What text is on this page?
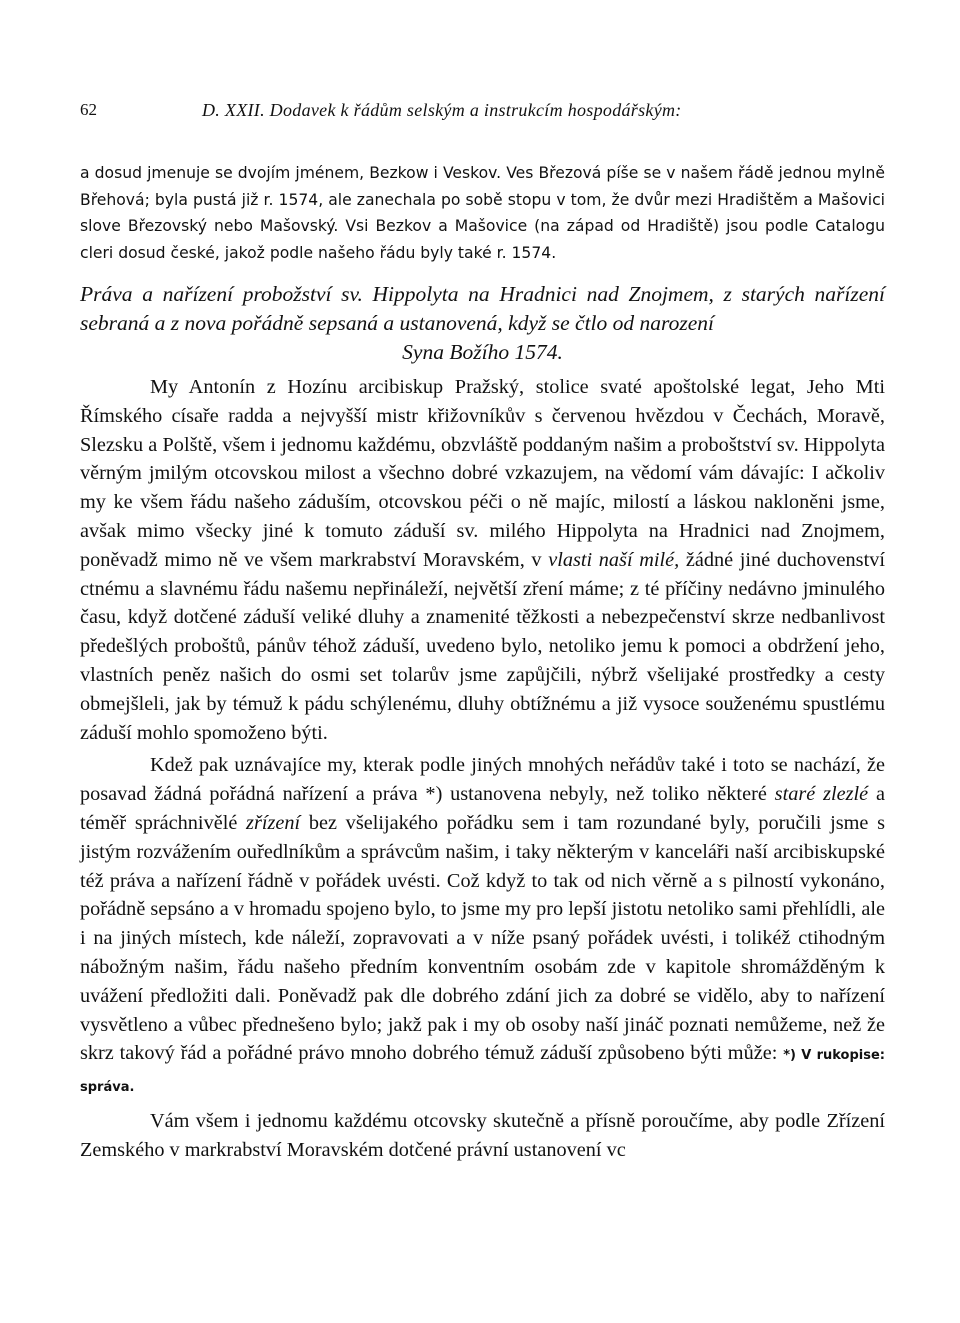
62	D. XXII. Dodavek k řádům selským a instrukcím hospodářským:

a dosud jmenuje se dvojím jménem, Bezkow i Veskov. Ves Březová píše se v našem řádě jednou mylně Břehová; byla pustá již r. 1574, ale zanechala po sobě stopu v tom, že dvůr mezi Hradištěm a Mašovici slove Březovský nebo Mašovský. Vsi Bezkov a Mašovice (na západ od Hradiště) jsou podle Catalogu cleri dosud české, jakož podle našeho řádu byly také r. 1574.

Práva a nařízení probožství sv. Hippolyta na Hradnici nad Znojmem, z starých nařízení sebraná a z nova pořádně sepsaná a ustanovená, když se čtlo od narození
Syna Božího 1574.

My Antonín z Hozínu arcibiskup Pražský, stolice svaté apoštolské legat, Jeho Mti Římského císaře radda a nejvyšší mistr křižovníkův s červenou hvězdou v Čechách, Moravě, Slezsku a Polště, všem i jednomu každému, obzvláště poddaným našim a proboštství sv. Hippolyta věrným jmilým otcovskou milost a všechno dobré vzkazujem, na vědomí vám dávajíc: I ačkoliv my ke všem řádu našeho záduším, otcovskou péči o ně majíc, milostí a láskou nakloněni jsme, avšak mimo všecky jiné k tomuto záduší sv. milého Hippolyta na Hradnici nad Znojmem, poněvadž mimo ně ve všem markrabství Moravském, v vlasti naší milé, žádné jiné duchovenství ctnému a slavnému řádu našemu nepřináleží, největší zření máme; z té příčiny nedávno jminulého času, když dotčené záduší veliké dluhy a znamenité těžkosti a nebezpečenství skrze nedbanlivost předešlých proboštů, pánův téhož záduší, uvedeno bylo, netoliko jemu k pomoci a obdržení jeho, vlastních peněz našich do osmi set tolarův jsme zapůjčili, nýbrž všelijaké prostředky a cesty obmejšleli, jak by témuž k pádu schýlenému, dluhy obtížnému a již vysoce souženému spustlému záduší mohlo spomoženo býti.

Kdež pak uznávajíce my, kterak podle jiných mnohých neřádův také i toto se nachází, že posavad žádná pořádná nařízení a práva *) ustanovena nebyly, než toliko některé staré zlezlé a téměř spráchnivělé zřízení bez všelijakého pořádku sem i tam rozundané byly, poručili jsme s jistým rozvážením ouředlníkům a správcům našim, i taky některým v kanceláři naší arcibiskupské též práva a nařízení řádně v pořádek uvésti. Což když to tak od nich věrně a s pilností vykonáno, pořádně sepsáno a v hromadu spojeno bylo, to jsme my pro lepší jistotu netoliko sami přehlídli, ale i na jiných místech, kde náleží, zopravovati a v níže psaný pořádek uvésti, i tolikéž ctihodným nábožným našim, řádu našeho předním konventním osobám zde v kapitole shromážděným k uvážení předložiti dali. Poněvadž pak dle dobrého zdání jich za dobré se vidělo, aby to nařízení vysvětleno a vůbec přednešeno bylo; jakž pak i my ob osoby naší jináč poznati nemůžeme, než že skrz takový řád a pořádné právo mnoho dobrého témuž záduší způsobeno býti může: *) V rukopise: správa.

Vám všem i jednomu každému otcovsky skutečně a přísně poroučíme, aby podle Zřízení Zemského v markrabství Moravském dotčené právní ustanovení vc
